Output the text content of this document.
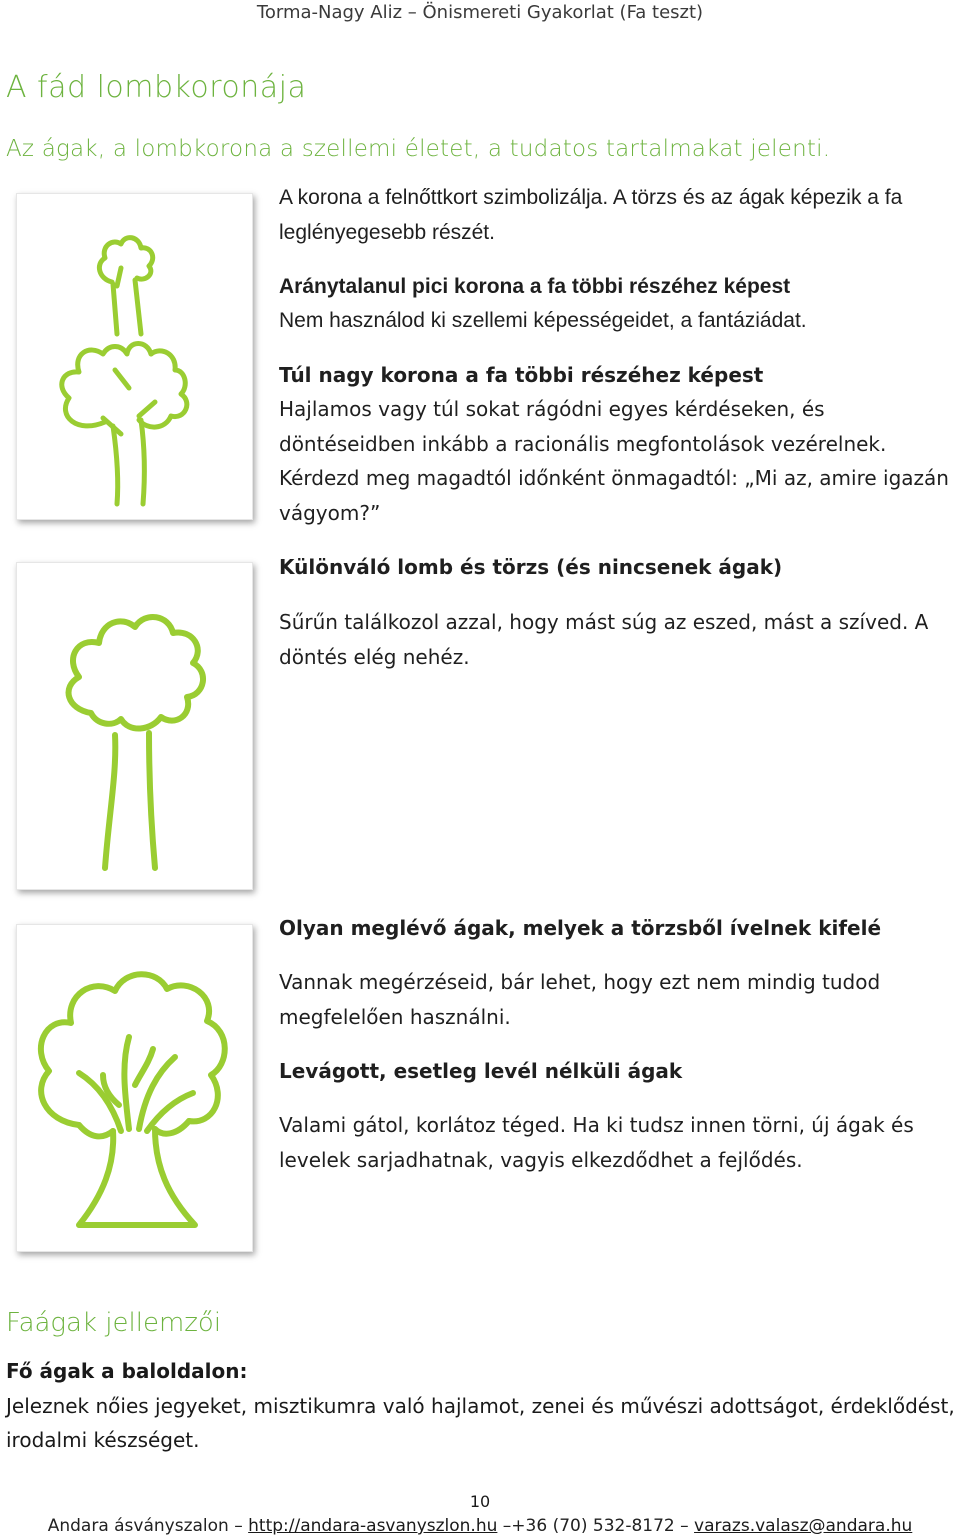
Torma-Nagy Aliz – Önismereti Gyakorlat (Fa teszt)
A fád lombkoronája
Az ágak, a lombkorona a szellemi életet, a tudatos tartalmakat jelenti.
A korona a felnőttkort szimbolizálja. A törzs és az ágak képezik a fa leglényegesebb részét.
Aránytalanul pici korona a fa többi részéhez képest
Nem használod ki szellemi képességeidet, a fantáziádat.
Túl nagy korona a fa többi részéhez képest
Hajlamos vagy túl sokat rágódni egyes kérdéseken, és döntéseidben inkább a racionális megfontolások vezérelnek. Kérdezd meg magadtól időnként önmagadtól: „Mi az, amire igazán vágyom?”
Különváló lomb és törzs (és nincsenek ágak)
Sűrűn találkozol azzal, hogy mást súg az eszed, mást a szíved. A döntés elég nehéz.
Olyan meglévő ágak, melyek a törzsből ívelnek kifelé
Vannak megérzéseid, bár lehet, hogy ezt nem mindig tudod megfelelően használni.
Levágott, esetleg levél nélküli ágak
Valami gátol, korlátoz téged. Ha ki tudsz innen törni, új ágak és levelek sarjadhatnak, vagyis elkezdődhet a fejlődés.
Faágak jellemzői
Fő ágak a baloldalon:
Jeleznek nőies jegyeket, misztikumra való hajlamot, zenei és művészi adottságot, érdeklődést, irodalmi készséget.
10
Andara ásványszalon – http://andara-asvanyszlon.hu –+36 (70) 532-8172 – varazs.valasz@andara.hu
